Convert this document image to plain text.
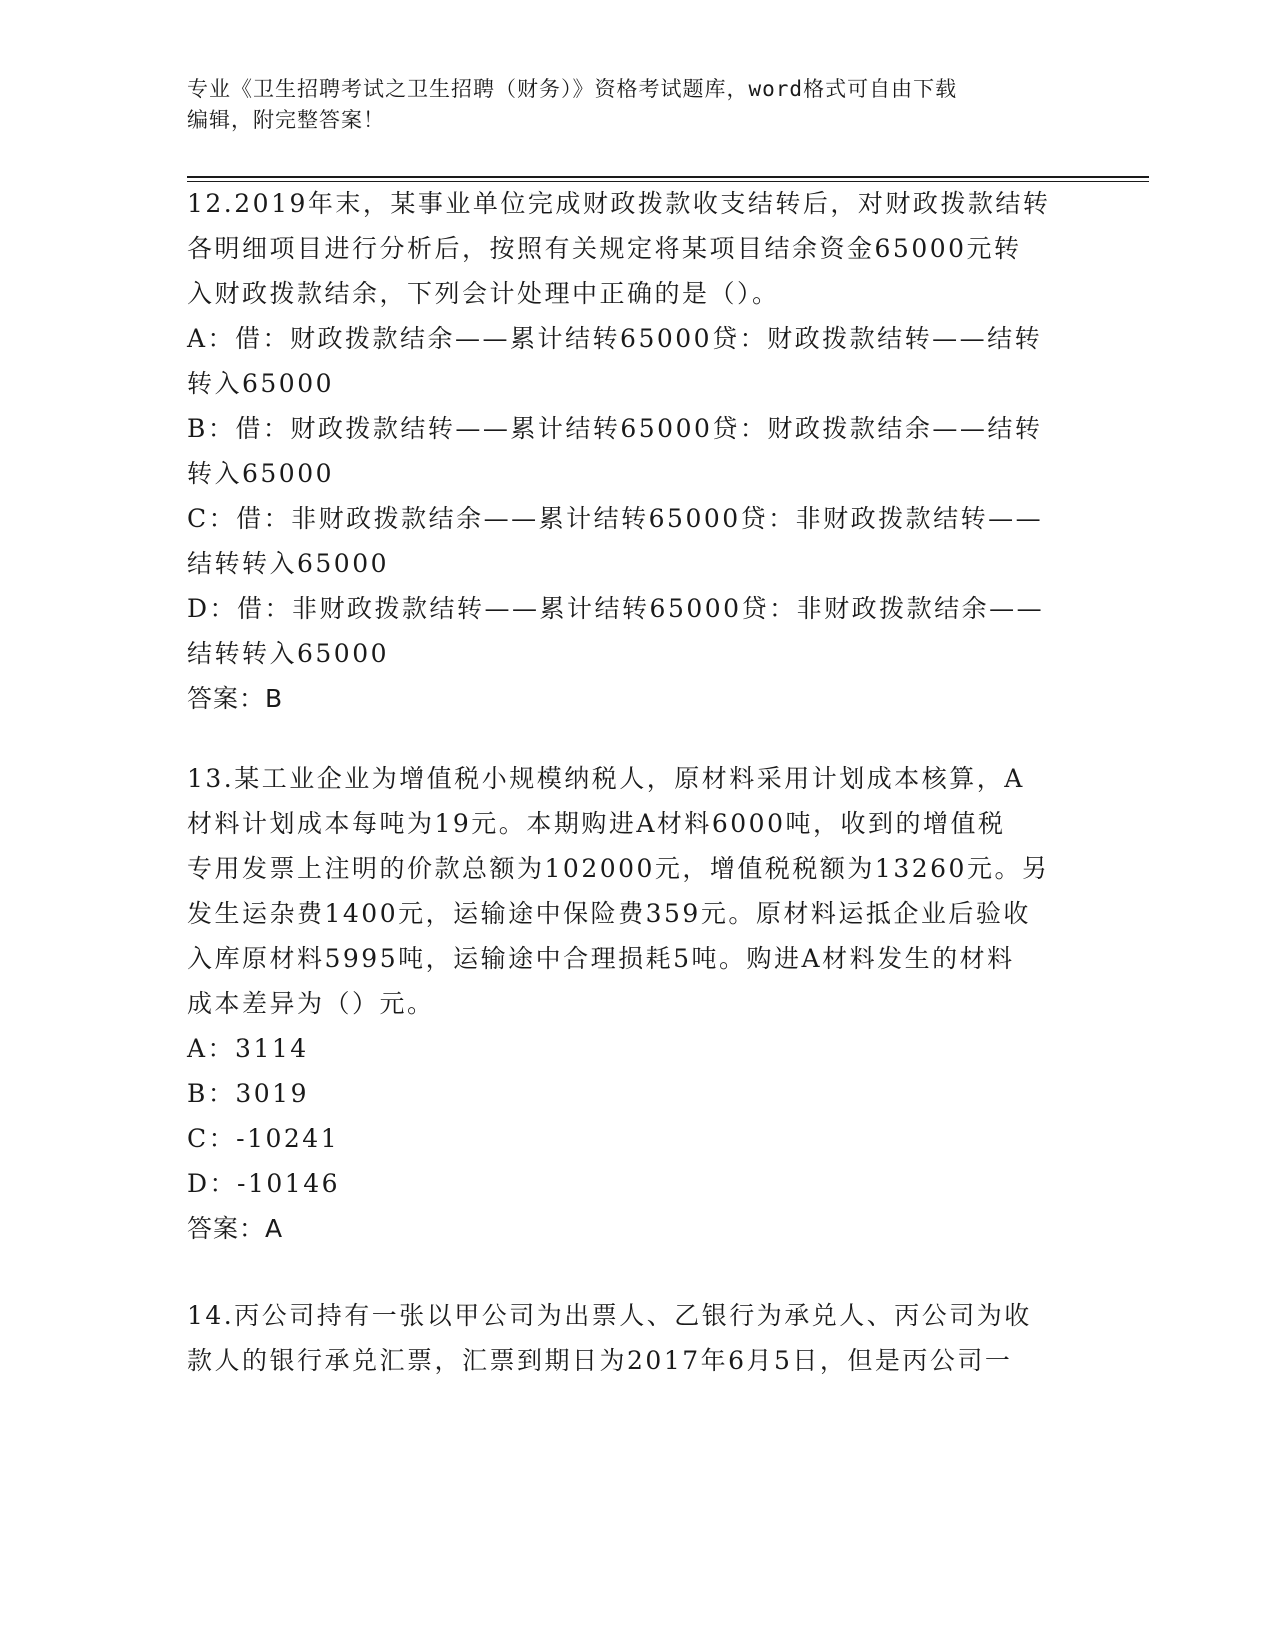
专业《卫生招聘考试之卫生招聘（财务）》资格考试题库，word格式可自由下载
编辑，附完整答案！
12.2019年末，某事业单位完成财政拨款收支结转后，对财政拨款结转
各明细项目进行分析后，按照有关规定将某项目结余资金65000元转
入财政拨款结余，下列会计处理中正确的是（）。
A：借：财政拨款结余——累计结转65000贷：财政拨款结转——结转
转入65000
B：借：财政拨款结转——累计结转65000贷：财政拨款结余——结转
转入65000
C：借：非财政拨款结余——累计结转65000贷：非财政拨款结转——
结转转入65000
D：借：非财政拨款结转——累计结转65000贷：非财政拨款结余——
结转转入65000
答案：B
13.某工业企业为增值税小规模纳税人，原材料采用计划成本核算，A
材料计划成本每吨为19元。本期购进A材料6000吨，收到的增值税
专用发票上注明的价款总额为102000元，增值税税额为13260元。另
发生运杂费1400元，运输途中保险费359元。原材料运抵企业后验收
入库原材料5995吨，运输途中合理损耗5吨。购进A材料发生的材料
成本差异为（）元。
A：3114
B：3019
C：-10241
D：-10146
答案：A
14.丙公司持有一张以甲公司为出票人、乙银行为承兑人、丙公司为收
款人的银行承兑汇票，汇票到期日为2017年6月5日，但是丙公司一
